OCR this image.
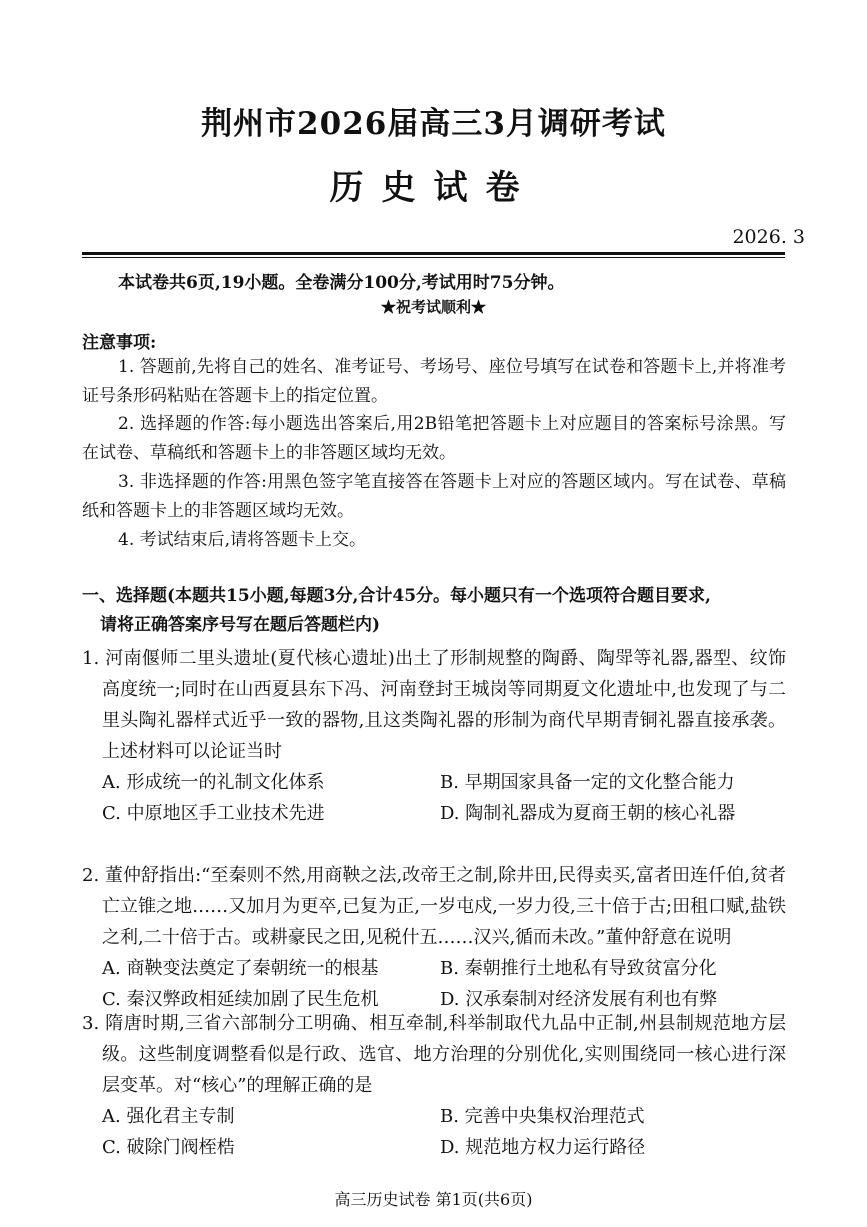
荆州市2026届高三3月调研考试
历史试卷
2026. 3
本试卷共6页,19小题。全卷满分100分,考试用时75分钟。
★祝考试顺利★
注意事项:
1. 答题前,先将自己的姓名、准考证号、考场号、座位号填写在试卷和答题卡上,并将准考证号条形码粘贴在答题卡上的指定位置。
2. 选择题的作答:每小题选出答案后,用2B铅笔把答题卡上对应题目的答案标号涂黑。写在试卷、草稿纸和答题卡上的非答题区域均无效。
3. 非选择题的作答:用黑色签字笔直接答在答题卡上对应的答题区域内。写在试卷、草稿纸和答题卡上的非答题区域均无效。
4. 考试结束后,请将答题卡上交。
一、选择题(本题共15小题,每题3分,合计45分。每小题只有一个选项符合题目要求,
请将正确答案序号写在题后答题栏内)
1. 河南偃师二里头遗址(夏代核心遗址)出土了形制规整的陶爵、陶斝等礼器,器型、纹饰高度统一;同时在山西夏县东下冯、河南登封王城岗等同期夏文化遗址中,也发现了与二里头陶礼器样式近乎一致的器物,且这类陶礼器的形制为商代早期青铜礼器直接承袭。上述材料可以论证当时
A. 形成统一的礼制文化体系	B. 早期国家具备一定的文化整合能力
C. 中原地区手工业技术先进	D. 陶制礼器成为夏商王朝的核心礼器
2. 董仲舒指出:“至秦则不然,用商鞅之法,改帝王之制,除井田,民得卖买,富者田连仟伯,贫者亡立锥之地……又加月为更卒,已复为正,一岁屯戍,一岁力役,三十倍于古;田租口赋,盐铁之利,二十倍于古。或耕豪民之田,见税什五……汉兴,循而未改。”董仲舒意在说明
A. 商鞅变法奠定了秦朝统一的根基	B. 秦朝推行土地私有导致贫富分化
C. 秦汉弊政相延续加剧了民生危机	D. 汉承秦制对经济发展有利也有弊
3. 隋唐时期,三省六部制分工明确、相互牵制,科举制取代九品中正制,州县制规范地方层级。这些制度调整看似是行政、选官、地方治理的分别优化,实则围绕同一核心进行深层变革。对“核心”的理解正确的是
A. 强化君主专制	B. 完善中央集权治理范式
C. 破除门阀桎梏	D. 规范地方权力运行路径
高三历史试卷 第1页(共6页)
